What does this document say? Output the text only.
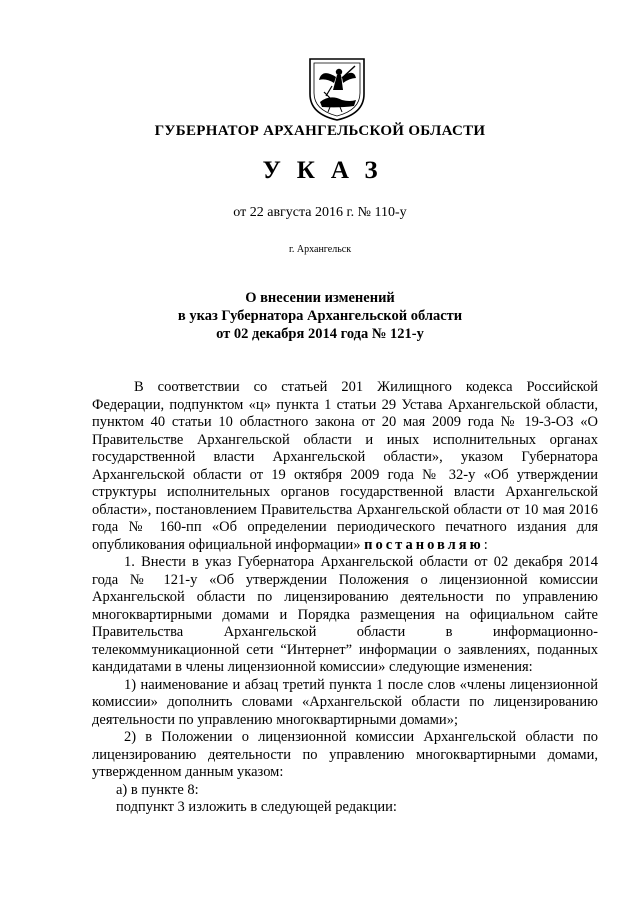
ГУБЕРНАТОР АРХАНГЕЛЬСКОЙ ОБЛАСТИ
УКАЗ
от 22 августа 2016 г. № 110-у
г. Архангельск
О внесении изменений
в указ Губернатора Архангельской области
от 02 декабря 2014 года № 121-у

В соответствии со статьей 201 Жилищного кодекса Российской Федерации, подпунктом «ц» пункта 1 статьи 29 Устава Архангельской области, пунктом 40 статьи 10 областного закона от 20 мая 2009 года № 19-3-ОЗ «О Правительстве Архангельской области и иных исполнительных органах государственной власти Архангельской области», указом Губернатора Архангельской области от 19 октября 2009 года № 32-у «Об утверждении структуры исполнительных органов государственной власти Архангельской области», постановлением Правительства Архангельской области от 10 мая 2016 года № 160-пп «Об определении периодического печатного издания для опубликования официальной информации» постановляю:

1. Внести в указ Губернатора Архангельской области от 02 декабря 2014 года № 121-у «Об утверждении Положения о лицензионной комиссии Архангельской области по лицензированию деятельности по управлению многоквартирными домами и Порядка размещения на официальном сайте Правительства Архангельской области в информационно-телекоммуникационной сети “Интернет” информации о заявлениях, поданных кандидатами в члены лицензионной комиссии» следующие изменения:

1) наименование и абзац третий пункта 1 после слов «члены лицензионной комиссии» дополнить словами «Архангельской области по лицензированию деятельности по управлению многоквартирными домами»;

2) в Положении о лицензионной комиссии Архангельской области по лицензированию деятельности по управлению многоквартирными домами, утвержденном данным указом:

а) в пункте 8:

подпункт 3 изложить в следующей редакции:
